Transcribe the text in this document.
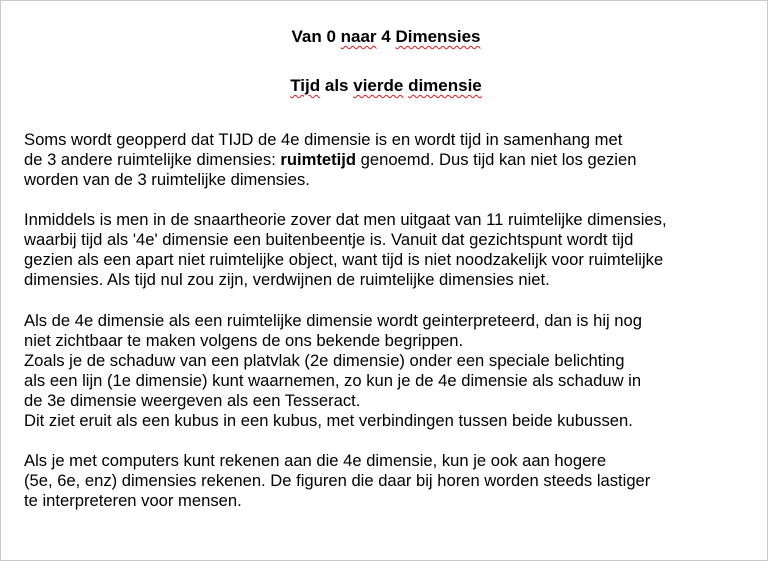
Van 0 naar 4 Dimensies
Tijd als vierde dimensie

Soms wordt geopperd dat TIJD de 4e dimensie is en wordt tijd in samenhang met
de 3 andere ruimtelijke dimensies: ruimtetijd genoemd. Dus tijd kan niet los gezien
worden van de 3 ruimtelijke dimensies.

Inmiddels is men in de snaartheorie zover dat men uitgaat van 11 ruimtelijke dimensies,
waarbij tijd als '4e' dimensie een buitenbeentje is. Vanuit dat gezichtspunt wordt tijd
gezien als een apart niet ruimtelijke object, want tijd is niet noodzakelijk voor ruimtelijke
dimensies. Als tijd nul zou zijn, verdwijnen de ruimtelijke dimensies niet.

Als de 4e dimensie als een ruimtelijke dimensie wordt geinterpreteerd, dan is hij nog
niet zichtbaar te maken volgens de ons bekende begrippen.
Zoals je de schaduw van een platvlak (2e dimensie) onder een speciale belichting
als een lijn (1e dimensie) kunt waarnemen, zo kun je de 4e dimensie als schaduw in
de 3e dimensie weergeven als een Tesseract.
Dit ziet eruit als een kubus in een kubus, met verbindingen tussen beide kubussen.

Als je met computers kunt rekenen aan die 4e dimensie, kun je ook aan hogere
(5e, 6e, enz) dimensies rekenen. De figuren die daar bij horen worden steeds lastiger
te interpreteren voor mensen.
